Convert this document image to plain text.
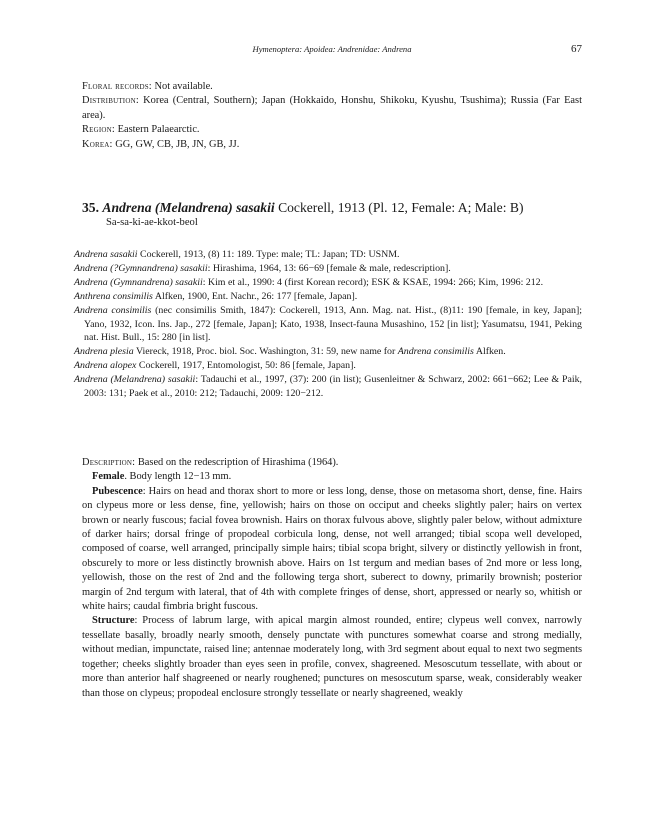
Hymenoptera: Apoidea: Andrenidae: Andrena	67
Floral records: Not available.
Distribution: Korea (Central, Southern); Japan (Hokkaido, Honshu, Shikoku, Kyushu, Tsushima); Russia (Far East area).
Region: Eastern Palaearctic.
Korea: GG, GW, CB, JB, JN, GB, JJ.
35. Andrena (Melandrena) sasakii Cockerell, 1913 (Pl. 12, Female: A; Male: B)
Sa-sa-ki-ae-kkot-beol
Andrena sasakii Cockerell, 1913, (8) 11: 189. Type: male; TL: Japan; TD: USNM.
Andrena (?Gymnandrena) sasakii: Hirashima, 1964, 13: 66−69 [female & male, redescription].
Andrena (Gymnandrena) sasakii: Kim et al., 1990: 4 (first Korean record); ESK & KSAE, 1994: 266; Kim, 1996: 212.
Anthrena consimilis Alfken, 1900, Ent. Nachr., 26: 177 [female, Japan].
Andrena consimilis (nec consimilis Smith, 1847): Cockerell, 1913, Ann. Mag. nat. Hist., (8)11: 190 [female, in key, Japan]; Yano, 1932, Icon. Ins. Jap., 272 [female, Japan]; Kato, 1938, Insect-fauna Musashino, 152 [in list]; Yasumatsu, 1941, Peking nat. Hist. Bull., 15: 280 [in list].
Andrena plesia Viereck, 1918, Proc. biol. Soc. Washington, 31: 59, new name for Andrena consimilis Alfken.
Andrena alopex Cockerell, 1917, Entomologist, 50: 86 [female, Japan].
Andrena (Melandrena) sasakii: Tadauchi et al., 1997, (37): 200 (in list); Gusenleitner & Schwarz, 2002: 661−662; Lee & Paik, 2003: 131; Paek et al., 2010: 212; Tadauchi, 2009: 120−212.

Description: Based on the redescription of Hirashima (1964).

Female. Body length 12−13 mm.

Pubescence: Hairs on head and thorax short to more or less long, dense, those on metasoma short, dense, fine. Hairs on clypeus more or less dense, fine, yellowish; hairs on those on occiput and cheeks slightly paler; hairs on vertex brown or nearly fuscous; facial fovea brownish. Hairs on thorax fulvous above, slightly paler below, without admixture of darker hairs; dorsal fringe of propodeal corbicula long, dense, not well arranged; tibial scopa well developed, composed of coarse, well arranged, principally simple hairs; tibial scopa bright, silvery or distinctly yellowish in front, obscurely to more or less distinctly brownish above. Hairs on 1st tergum and median bases of 2nd more or less long, yellowish, those on the rest of 2nd and the following terga short, suberect to downy, primarily brownish; posterior margin of 2nd tergum with lateral, that of 4th with complete fringes of dense, short, appressed or nearly so, whitish or white hairs; caudal fimbria bright fuscous.

Structure: Process of labrum large, with apical margin almost rounded, entire; clypeus well convex, narrowly tessellate basally, broadly nearly smooth, densely punctate with punctures somewhat coarse and strong medially, without median, impunctate, raised line; antennae moderately long, with 3rd segment about equal to next two segments together; cheeks slightly broader than eyes seen in profile, convex, shagreened. Mesoscutum tessellate, with about or more than anterior half shagreened or nearly roughened; punctures on mesoscutum sparse, weak, considerably weaker than those on clypeus; propodeal enclosure strongly tessellate or nearly shagreened, weakly
